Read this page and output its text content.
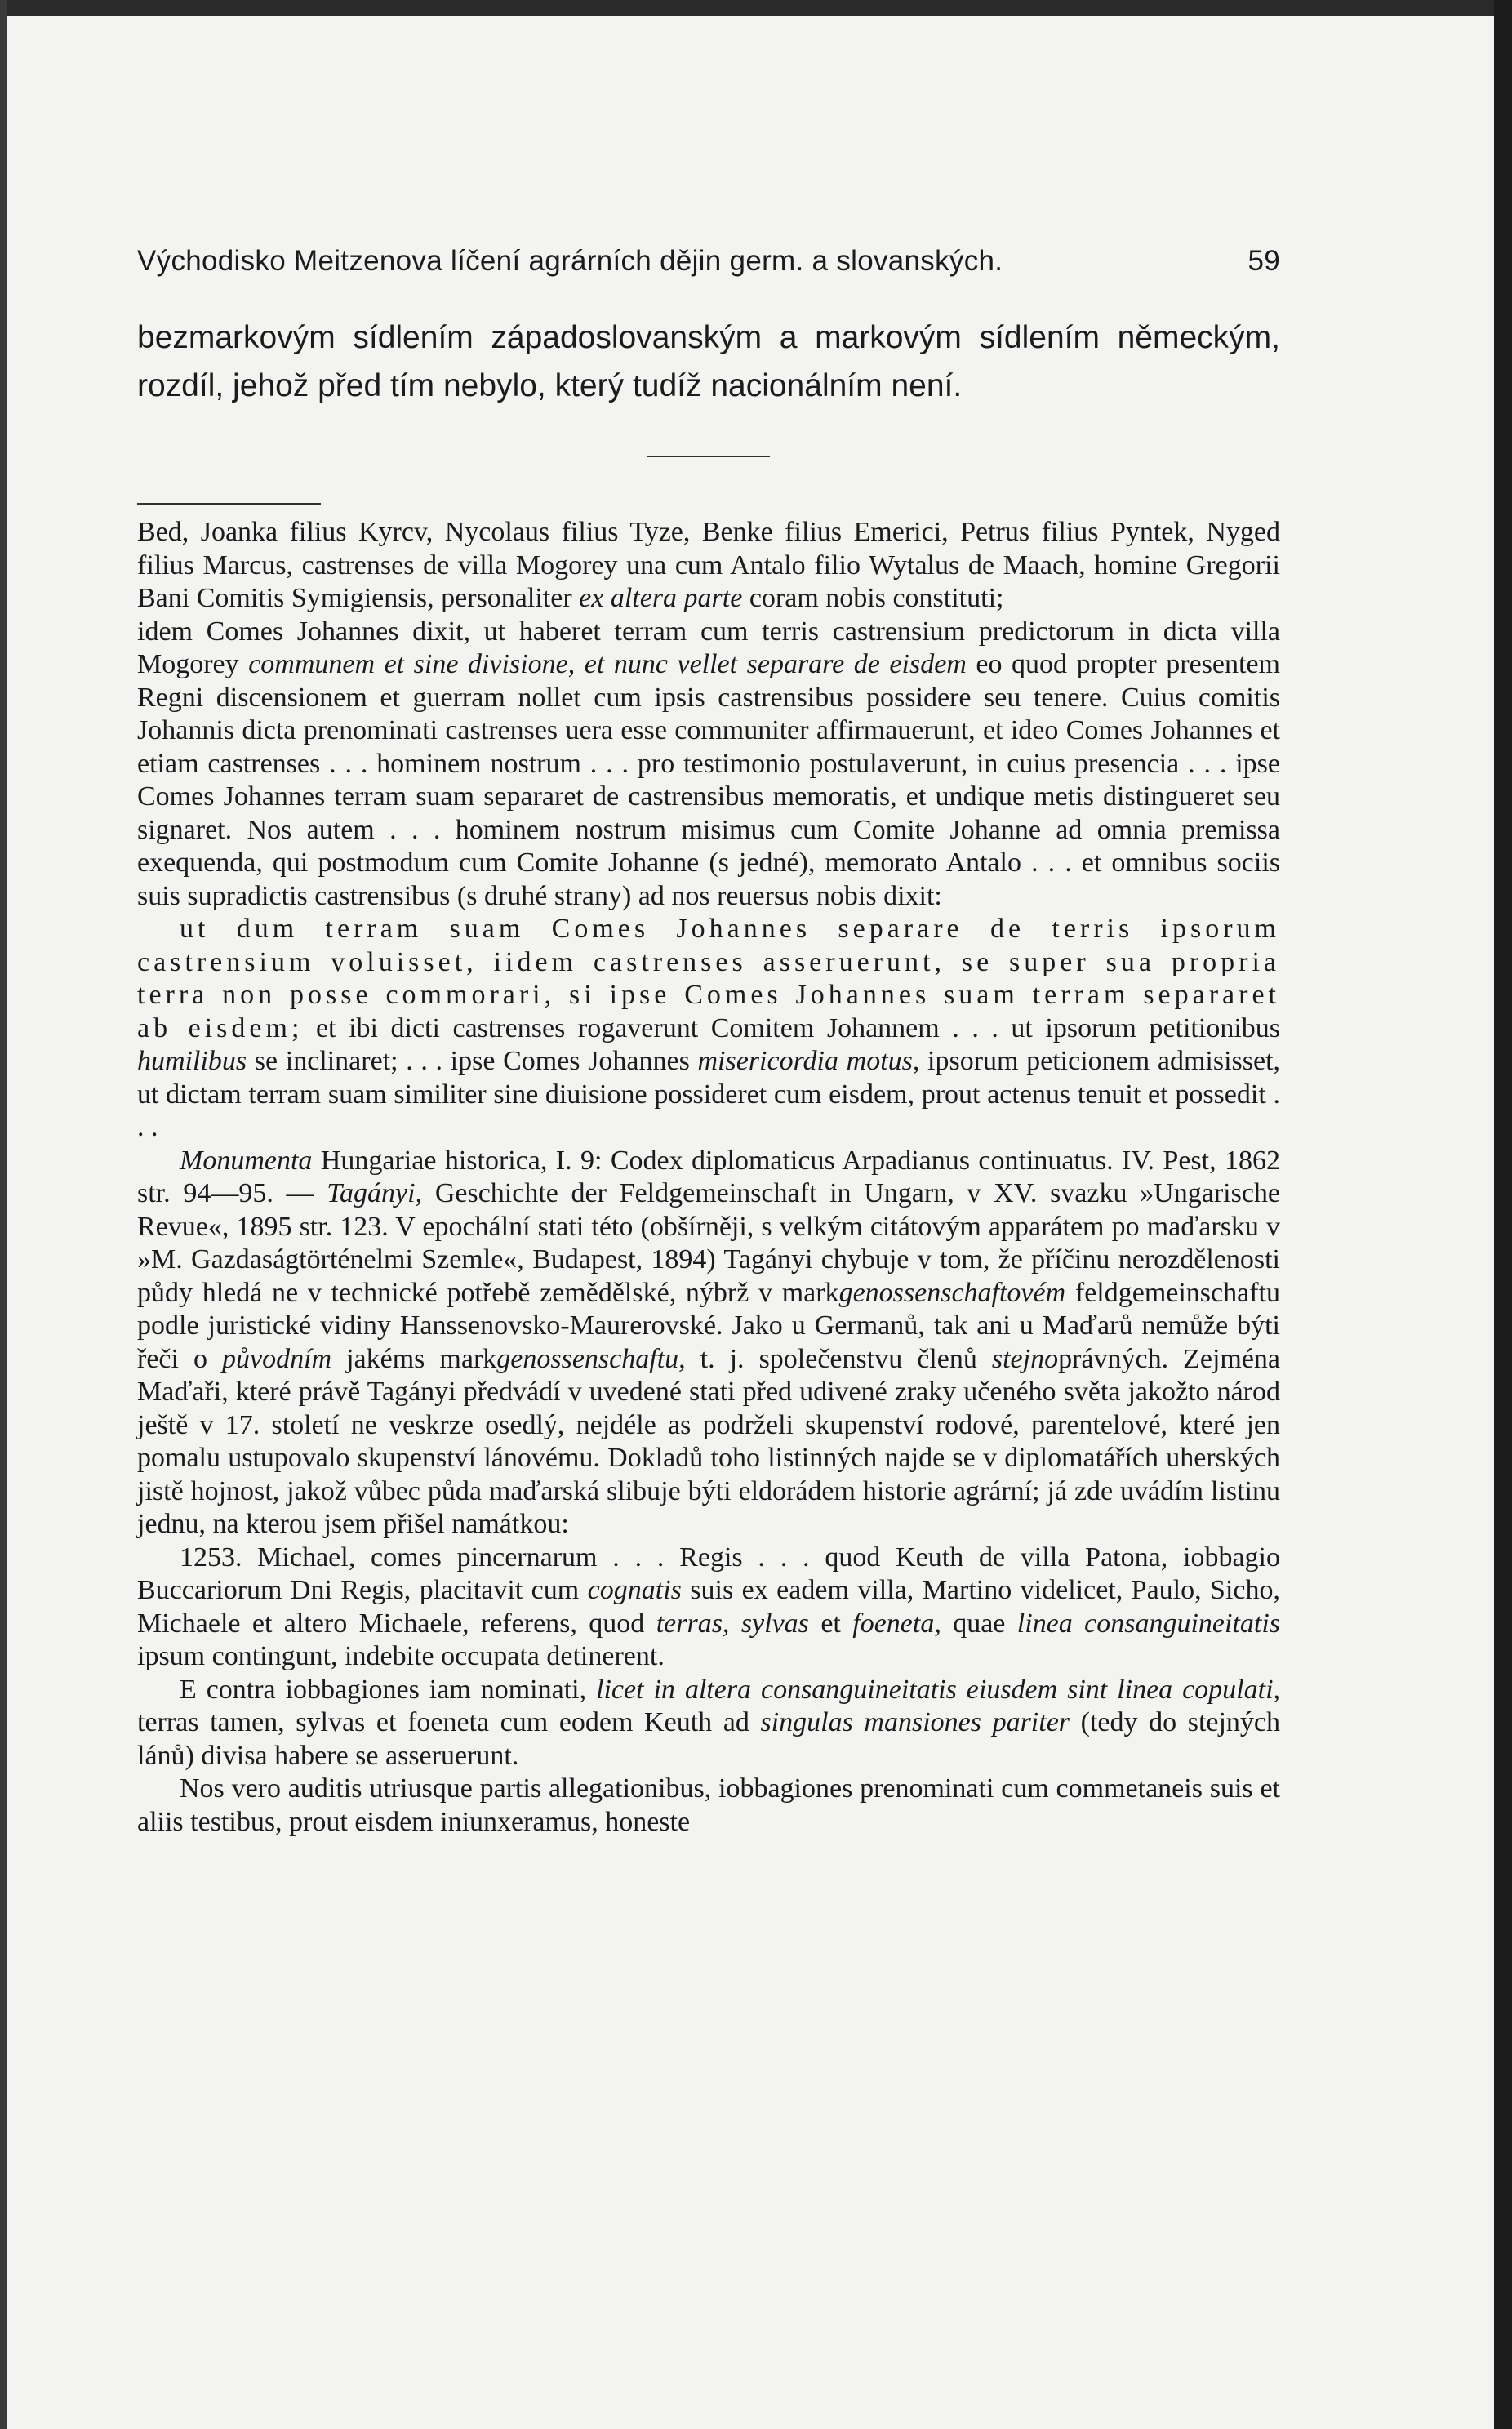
Východisko Meitzenova líčení agrárních dějin germ. a slovanských.	59
bezmarkovým sídlením západoslovanským a markovým sídlením německým, rozdíl, jehož před tím nebylo, který tudíž nacionálním není.

Bed, Joanka filius Kyrcv, Nycolaus filius Tyze, Benke filius Emerici, Petrus filius Pyntek, Nyged filius Marcus, castrenses de villa Mogorey una cum Antalo filio Wytalus de Maach, homine Gregorii Bani Comitis Symigiensis, personaliter ex altera parte coram nobis constituti;

idem Comes Johannes dixit, ut haberet terram cum terris castrensium predictorum in dicta villa Mogorey communem et sine divisione, et nunc vellet separare de eisdem eo quod propter presentem Regni discensionem et guerram nollet cum ipsis castrensibus possidere seu tenere. Cuius comitis Johannis dicta prenominati castrenses uera esse communiter affirmauerunt, et ideo Comes Johannes et etiam castrenses . . . hominem nostrum . . . pro testimonio postulaverunt, in cuius presencia . . . ipse Comes Johannes terram suam separaret de castrensibus memoratis, et undique metis distingueret seu signaret. Nos autem . . . hominem nostrum misimus cum Comite Johanne ad omnia premissa exequenda, qui postmodum cum Comite Johanne (s jedné), memorato Antalo . . . et omnibus sociis suis supradictis castrensibus (s druhé strany) ad nos reuersus nobis dixit:

ut dum terram suam Comes Johannes separare de terris ipsorum castrensium voluisset, iidem castrenses asseruerunt, se super sua propria terra non posse commorari, si ipse Comes Johannes suam terram separaret ab eisdem; et ibi dicti castrenses rogaverunt Comitem Johannem . . . ut ipsorum petitionibus humilibus se inclinaret; . . . ipse Comes Johannes misericordia motus, ipsorum peticionem admisisset, ut dictam terram suam similiter sine diuisione possideret cum eisdem, prout actenus tenuit et possedit . . .

Monumenta Hungariae historica, I. 9: Codex diplomaticus Arpadianus continuatus. IV. Pest, 1862 str. 94—95. — Tagányi, Geschichte der Feldgemeinschaft in Ungarn, v XV. svazku »Ungarische Revue«, 1895 str. 123. V epochální stati této (obšírněji, s velkým citátovým apparátem po maďarsku v »M. Gazdaságtörténelmi Szemle«, Budapest, 1894) Tagányi chybuje v tom, že příčinu nerozdělenosti půdy hledá ne v technické potřebě zemědělské, nýbrž v markgenossenschaftovém feldgemeinschaftu podle juristické vidiny Hanssenovsko-Maurerovské. Jako u Germanů, tak ani u Maďarů nemůže býti řeči o původním jakéms markgenossenschaftu, t. j. společenstvu členů stejnoprávných. Zejména Maďaři, které právě Tagányi předvádí v uvedené stati před udivené zraky učeného světa jakožto národ ještě v 17. století ne veskrze osedlý, nejdéle as podrželi skupenství rodové, parentelové, které jen pomalu ustupovalo skupenství lánovému. Dokladů toho listinných najde se v diplomatářích uherských jistě hojnost, jakož vůbec půda maďarská slibuje býti eldorádem historie agrární; já zde uvádím listinu jednu, na kterou jsem přišel namátkou:

1253. Michael, comes pincernarum . . . Regis . . . quod Keuth de villa Patona, iobbagio Buccariorum Dni Regis, placitavit cum cognatis suis ex eadem villa, Martino videlicet, Paulo, Sicho, Michaele et altero Michaele, referens, quod terras, sylvas et foeneta, quae linea consanguineitatis ipsum contingunt, indebite occupata detinerent.

E contra iobbagiones iam nominati, licet in altera consanguineitatis eiusdem sint linea copulati, terras tamen, sylvas et foeneta cum eodem Keuth ad singulas mansiones pariter (tedy do stejných lánů) divisa habere se asseruerunt.

Nos vero auditis utriusque partis allegationibus, iobbagiones prenominati cum commetaneis suis et aliis testibus, prout eisdem iniunxeramus, honeste
